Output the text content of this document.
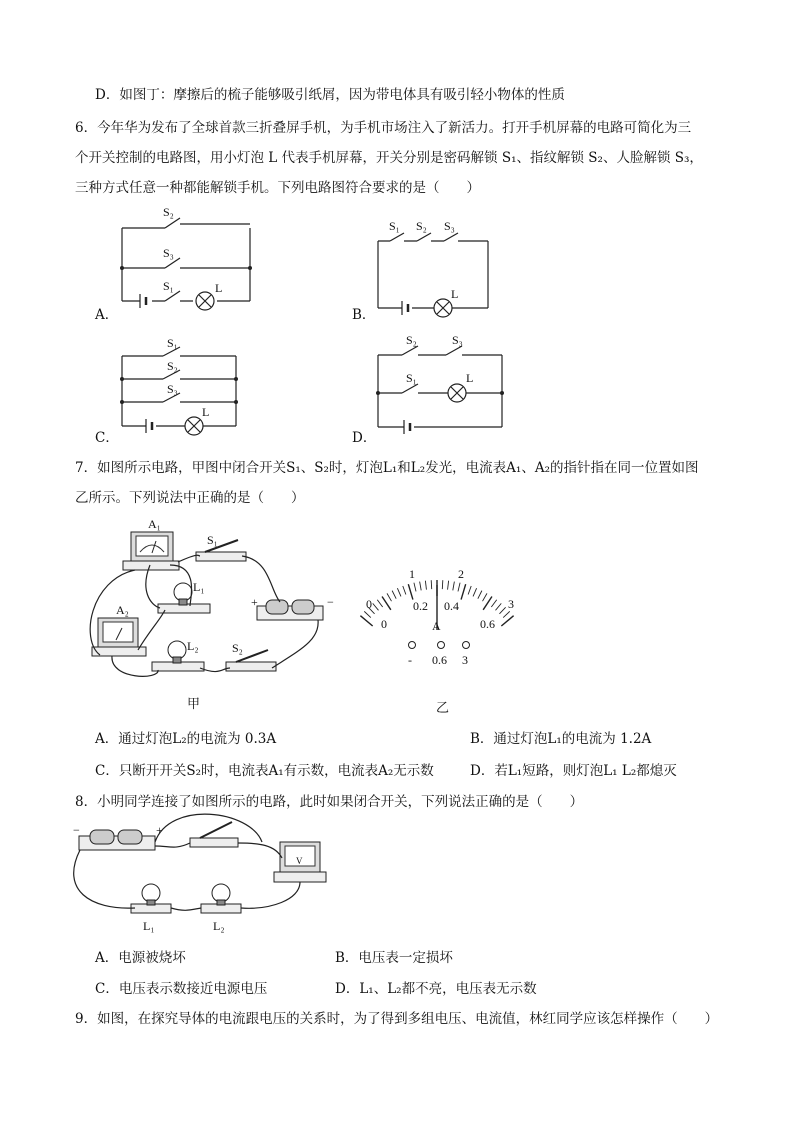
D．如图丁：摩擦后的梳子能够吸引纸屑，因为带电体具有吸引轻小物体的性质
6．今年华为发布了全球首款三折叠屏手机，为手机市场注入了新活力。打开手机屏幕的电路可简化为三
个开关控制的电路图，用小灯泡 L 代表手机屏幕，开关分别是密码解锁 S₁、指纹解锁 S₂、人脸解锁 S₃，
三种方式任意一种都能解锁手机。下列电路图符合要求的是（　　）
A．
S₂
S₃
S₁	L
S₁ S₂ S₃
L
S₁
S₂
S₃
L
S₂	S₃
S₁	L
B．
C．	D．
7．如图所示电路，甲图中闭合开关S₁、S₂时，灯泡L₁和L₂发光，电流表A₁、A₂的指针指在同一位置如图
乙所示。下列说法中正确的是（　　）
A₁
S₁
L₁
+	−
A₂
L₂	S₂
甲
0
1	2
3
0
0.2 0.4
0.6
A
- 0.6 3
乙
A．通过灯泡L₂的电流为 0.3A	B．通过灯泡L₁的电流为 1.2A
C．只断开开关S₂时，电流表A₁有示数，电流表A₂无示数	D．若L₁短路，则灯泡L₁ L₂都熄灭
8．小明同学连接了如图所示的电路，此时如果闭合开关，下列说法正确的是（　　）
−	+
V
L₁	L₂
A．电源被烧坏	B．电压表一定损坏
C．电压表示数接近电源电压	D．L₁、L₂都不亮，电压表无示数
9．如图，在探究导体的电流跟电压的关系时，为了得到多组电压、电流值，林红同学应该怎样操作（　　）
